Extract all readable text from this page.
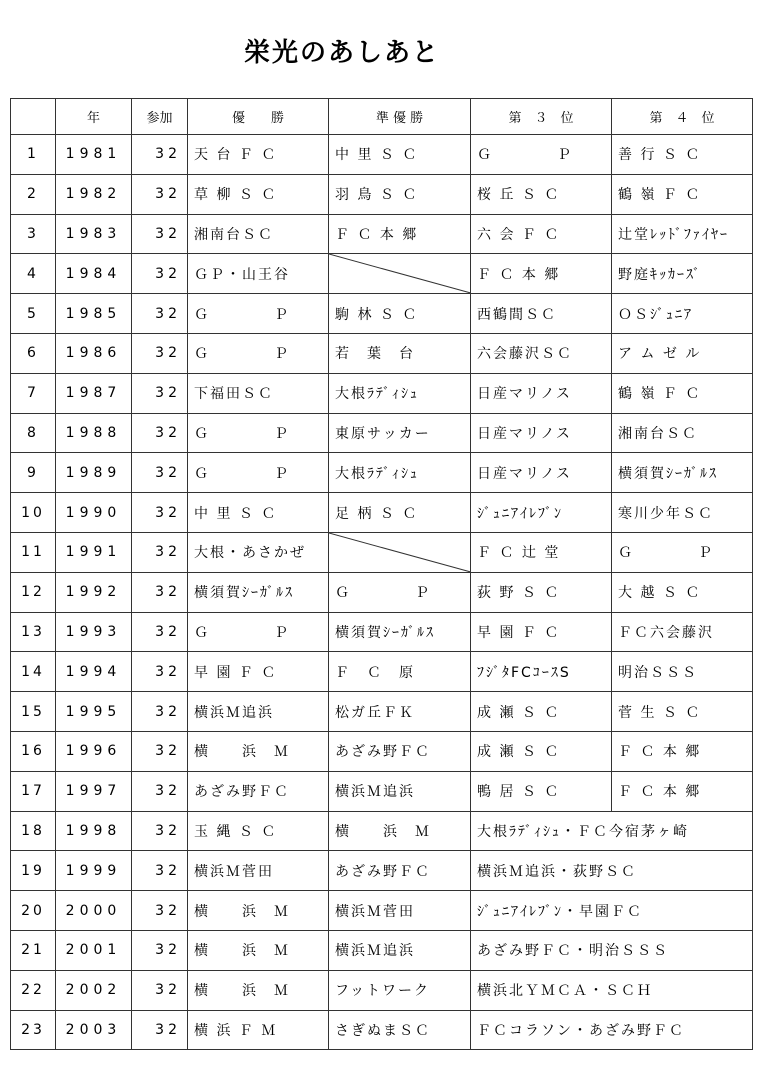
栄光のあしあと
	年	参加	優　　勝	準 優 勝	第　３　位	第　４　位
1	1981	32	天 台 Ｆ Ｃ	中 里 Ｓ Ｃ	Ｇ　　　　Ｐ	善 行 Ｓ Ｃ
2	1982	32	草 柳 Ｓ Ｃ	羽 鳥 Ｓ Ｃ	桜 丘 Ｓ Ｃ	鶴 嶺 Ｆ Ｃ
3	1983	32	湘南台ＳＣ	Ｆ Ｃ 本 郷	六 会 Ｆ Ｃ	辻堂ﾚｯﾄﾞﾌｧｲﾔｰ
4	1984	32	ＧＰ・山王谷		Ｆ Ｃ 本 郷	野庭ｷｯｶｰｽﾞ
5	1985	32	Ｇ　　　　Ｐ	駒 林 Ｓ Ｃ	西鶴間ＳＣ	ＯＳｼﾞｭﾆｱ
6	1986	32	Ｇ　　　　Ｐ	若　葉　台	六会藤沢ＳＣ	ア ム ゼ ル
7	1987	32	下福田ＳＣ	大根ﾗﾃﾞｨｼｭ	日産マリノス	鶴 嶺 Ｆ Ｃ
8	1988	32	Ｇ　　　　Ｐ	東原サッカー	日産マリノス	湘南台ＳＣ
9	1989	32	Ｇ　　　　Ｐ	大根ﾗﾃﾞｨｼｭ	日産マリノス	横須賀ｼｰｶﾞﾙｽ
10	1990	32	中 里 Ｓ Ｃ	足 柄 Ｓ Ｃ	ｼﾞｭﾆｱｲﾚﾌﾞﾝ	寒川少年ＳＣ
11	1991	32	大根・あさかぜ		Ｆ Ｃ 辻 堂	Ｇ　　　　Ｐ
12	1992	32	横須賀ｼｰｶﾞﾙｽ	Ｇ　　　　Ｐ	荻 野 Ｓ Ｃ	大 越 Ｓ Ｃ
13	1993	32	Ｇ　　　　Ｐ	横須賀ｼｰｶﾞﾙｽ	早 園 Ｆ Ｃ	ＦＣ六会藤沢
14	1994	32	早 園 Ｆ Ｃ	Ｆ　Ｃ　原	ﾌｼﾞﾀFCｺｰｽS	明治ＳＳＳ
15	1995	32	横浜Ｍ追浜	松ガ丘ＦＫ	成 瀬 Ｓ Ｃ	菅 生 Ｓ Ｃ
16	1996	32	横　　浜　Ｍ	あざみ野ＦＣ	成 瀬 Ｓ Ｃ	Ｆ Ｃ 本 郷
17	1997	32	あざみ野ＦＣ	横浜Ｍ追浜	鴨 居 Ｓ Ｃ	Ｆ Ｃ 本 郷
18	1998	32	玉 縄 Ｓ Ｃ	横　　浜　Ｍ	大根ﾗﾃﾞｨｼｭ・ＦＣ今宿茅ヶ崎	
19	1999	32	横浜Ｍ菅田	あざみ野ＦＣ	横浜Ｍ追浜・荻野ＳＣ	
20	2000	32	横　　浜　Ｍ	横浜Ｍ菅田	ｼﾞｭﾆｱｲﾚﾌﾞﾝ・早園ＦＣ	
21	2001	32	横　　浜　Ｍ	横浜Ｍ追浜	あざみ野ＦＣ・明治ＳＳＳ	
22	2002	32	横　　浜　Ｍ	フットワーク	横浜北ＹＭＣＡ・ＳＣＨ	
23	2003	32	横 浜 Ｆ Ｍ	さぎぬまＳＣ	ＦＣコラソン・あざみ野ＦＣ	
